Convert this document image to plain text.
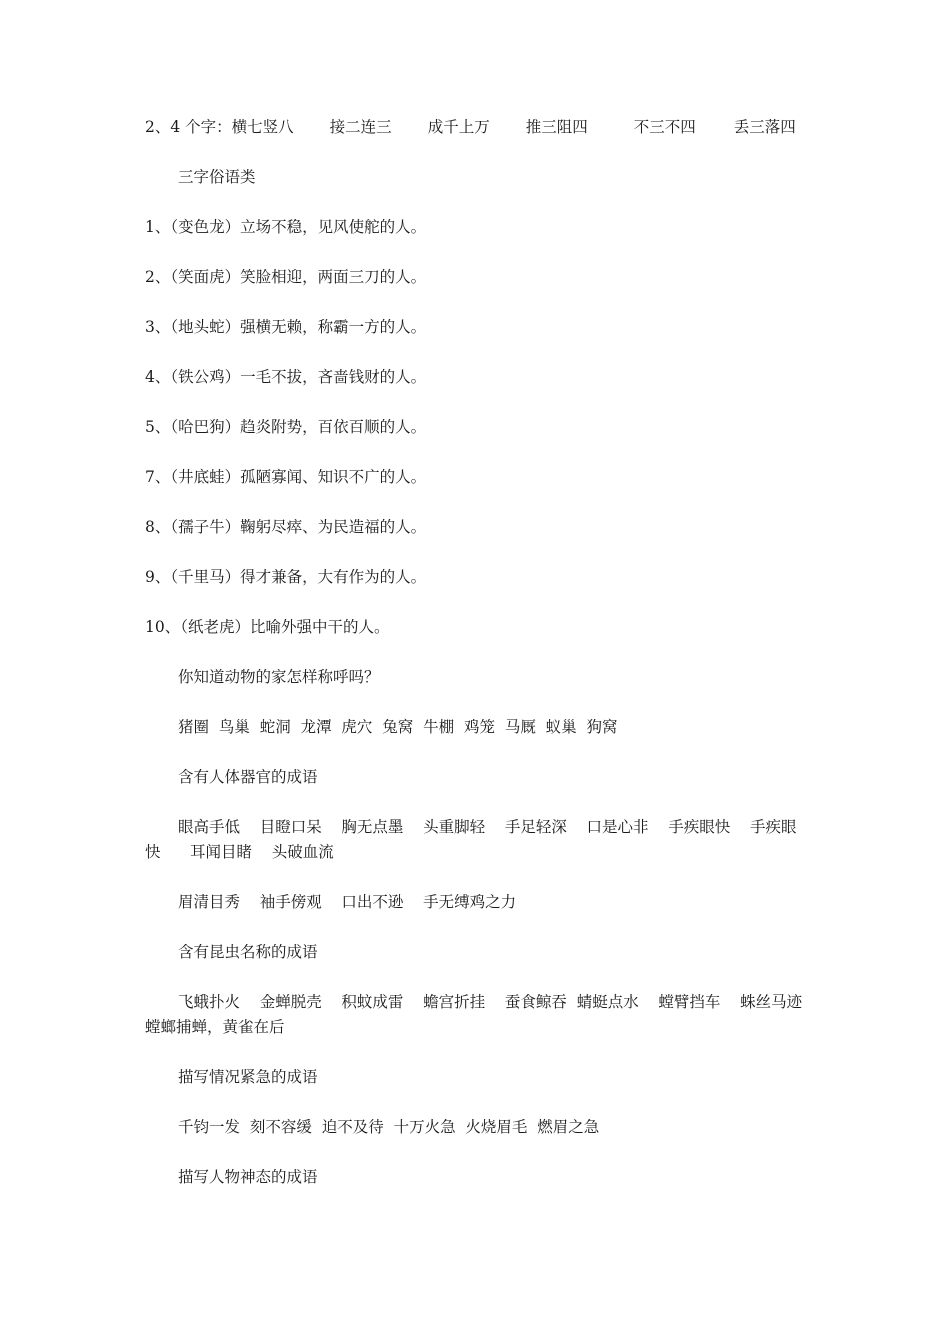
2、4 个字： 横七竖八 接二连三 成千上万 推三阻四	不三不四 丢三落四
三字俗语类
1、（变色龙）立场不稳，见风使舵的人。
2、（笑面虎）笑脸相迎，两面三刀的人。
3、（地头蛇）强横无赖，称霸一方的人。
4、（铁公鸡）一毛不拔，吝啬钱财的人。
5、（哈巴狗）趋炎附势，百依百顺的人。
7、（井底蛙）孤陋寡闻、知识不广的人。
8、（孺子牛）鞠躬尽瘁、为民造福的人。
9、（千里马）得才兼备，大有作为的人。
10、（纸老虎）比喻外强中干的人。
你知道动物的家怎样称呼吗？
猪圈  鸟巢  蛇洞  龙潭  虎穴  兔窝  牛棚  鸡笼  马厩  蚁巢  狗窝
含有人体器官的成语
眼高手低    目瞪口呆    胸无点墨    头重脚轻    手足轻深    口是心非    手疾眼快    手疾眼快      耳闻目睹    头破血流
眉清目秀    袖手傍观    口出不逊    手无缚鸡之力
含有昆虫名称的成语
飞蛾扑火    金蝉脱壳    积蚊成雷    蟾宫折挂    蚕食鲸吞  蜻蜓点水    螳臂挡车    蛛丝马迹      螳螂捕蝉，黄雀在后
描写情况紧急的成语
千钧一发  刻不容缓  迫不及待  十万火急  火烧眉毛  燃眉之急
描写人物神态的成语
